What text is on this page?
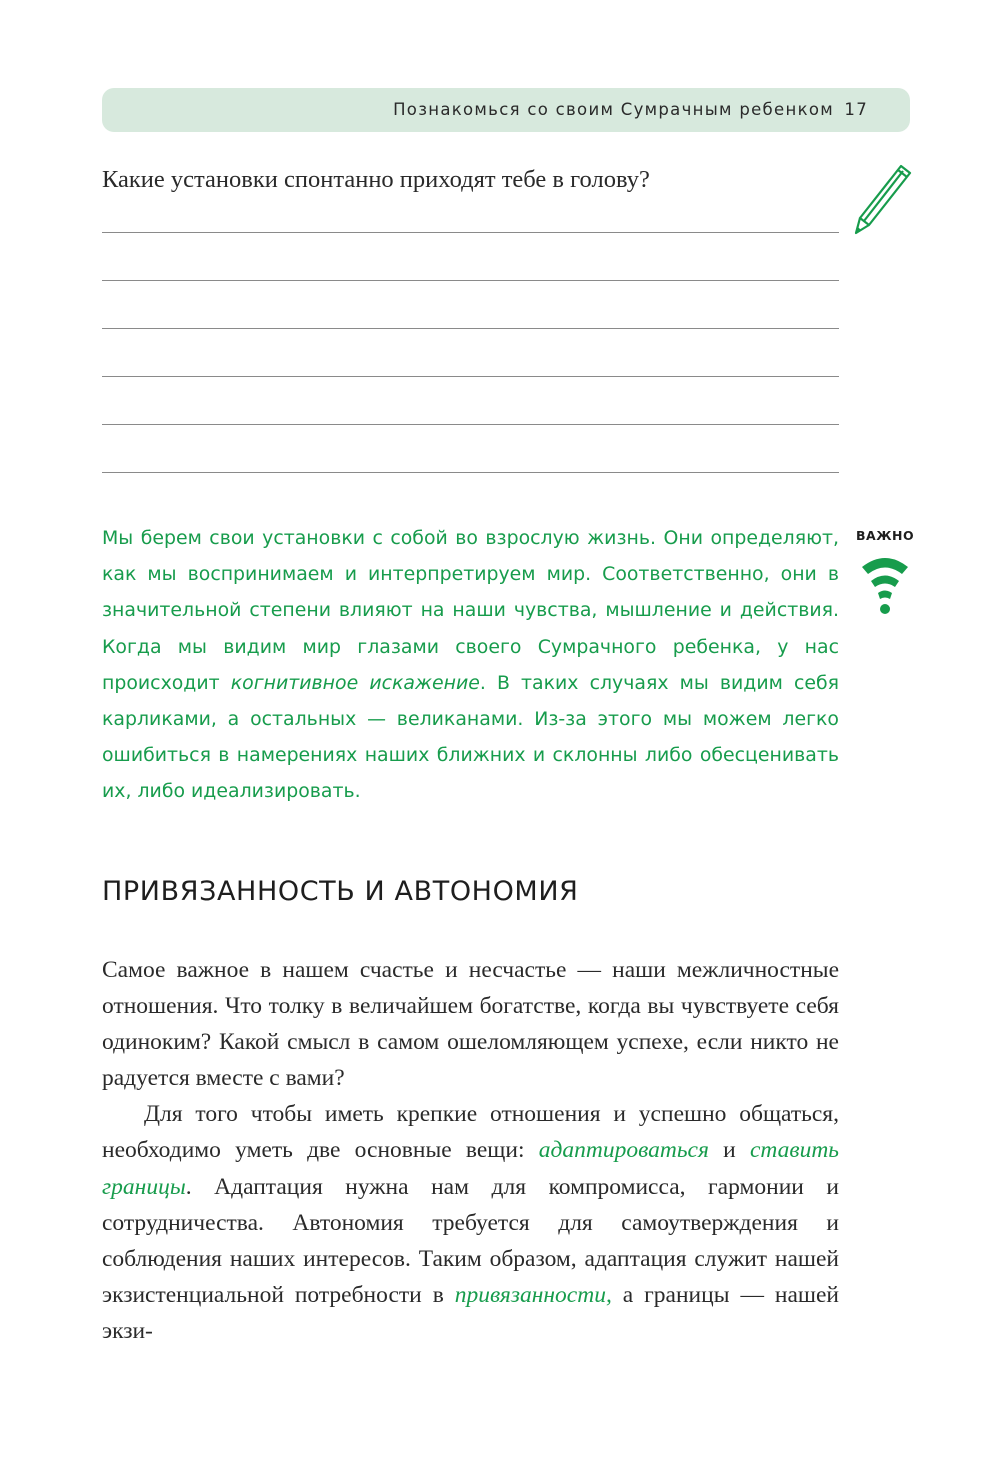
Познакомься со своим Сумрачным ребенком 17
Какие установки спонтанно приходят тебе в голову?
Мы берем свои установки с собой во взрослую жизнь. Они определяют, как мы воспринимаем и интерпретируем мир. Соответственно, они в значительной степени влияют на наши чувства, мышление и действия. Когда мы видим мир глазами своего Сумрачного ребенка, у нас происходит когнитивное искажение. В таких случаях мы видим себя карликами, а остальных — великанами. Из-за этого мы можем легко ошибиться в намерениях наших ближних и склонны либо обесценивать их, либо идеализировать.
ВАЖНО
ПРИВЯЗАННОСТЬ И АВТОНОМИЯ

Самое важное в нашем счастье и несчастье — наши межличностные отношения. Что толку в величайшем богатстве, когда вы чувствуете себя одиноким? Какой смысл в самом ошеломляющем успехе, если никто не радуется вместе с вами?

Для того чтобы иметь крепкие отношения и успешно общаться, необходимо уметь две основные вещи: адаптироваться и ставить границы. Адаптация нужна нам для компромисса, гармонии и сотрудничества. Автономия требуется для самоутверждения и соблюдения наших интересов. Таким образом, адаптация служит нашей экзистенциальной потребности в привязанности, а границы — нашей экзи-
